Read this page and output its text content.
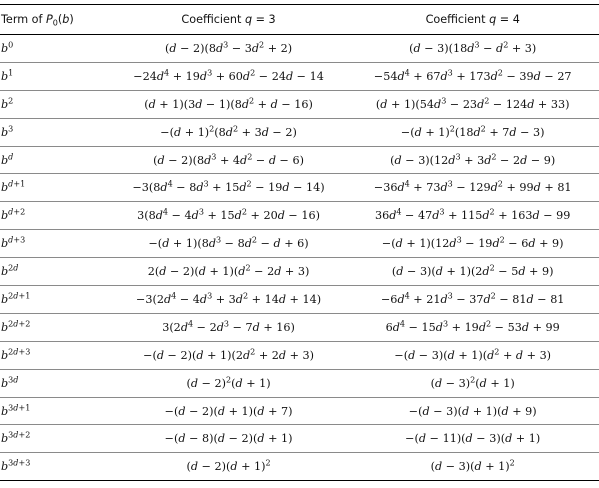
Term of $P_0(b)$	Coefficient q = 3	Coefficient q = 4
$b^0$	$(d - 2)(8d^3 - 3d^2 + 2)$	$(d - 3)(18d^3 - d^2 + 3)$
$b^1$	$-24d^4 + 19d^3 + 60d^2 - 24d - 14$	$-54d^4 + 67d^3 + 173d^2 - 39d - 27$
$b^2$	$(d + 1)(3d - 1)(8d^2 + d - 16)$	$(d + 1)(54d^3 - 23d^2 - 124d + 33)$
$b^3$	$-(d + 1)^2(8d^2 + 3d - 2)$	$-(d + 1)^2(18d^2 + 7d - 3)$
$b^d$	$(d - 2)(8d^3 + 4d^2 - d - 6)$	$(d - 3)(12d^3 + 3d^2 - 2d - 9)$
$b^{d+1}$	$-3(8d^4 - 8d^3 + 15d^2 - 19d - 14)$	$-36d^4 + 73d^3 - 129d^2 + 99d + 81$
$b^{d+2}$	$3(8d^4 - 4d^3 + 15d^2 + 20d - 16)$	$36d^4 - 47d^3 + 115d^2 + 163d - 99$
$b^{d+3}$	$-(d + 1)(8d^3 - 8d^2 - d + 6)$	$-(d + 1)(12d^3 - 19d^2 - 6d + 9)$
$b^{2d}$	$2(d - 2)(d + 1)(d^2 - 2d + 3)$	$(d - 3)(d + 1)(2d^2 - 5d + 9)$
$b^{2d+1}$	$-3(2d^4 - 4d^3 + 3d^2 + 14d + 14)$	$-6d^4 + 21d^3 - 37d^2 - 81d - 81$
$b^{2d+2}$	$3(2d^4 - 2d^3 - 7d + 16)$	$6d^4 - 15d^3 + 19d^2 - 53d + 99$
$b^{2d+3}$	$-(d - 2)(d + 1)(2d^2 + 2d + 3)$	$-(d - 3)(d + 1)(d^2 + d + 3)$
$b^{3d}$	$(d - 2)^2(d + 1)$	$(d - 3)^2(d + 1)$
$b^{3d+1}$	−(d − 2)(d + 1)(d + 7)	−(d − 3)(d + 1)(d + 9)
$b^{3d+2}$	−(d − 8)(d − 2)(d + 1)	−(d − 11)(d − 3)(d + 1)
$b^{3d+3}$	$(d - 2)(d + 1)^2$	$(d - 3)(d + 1)^2$
